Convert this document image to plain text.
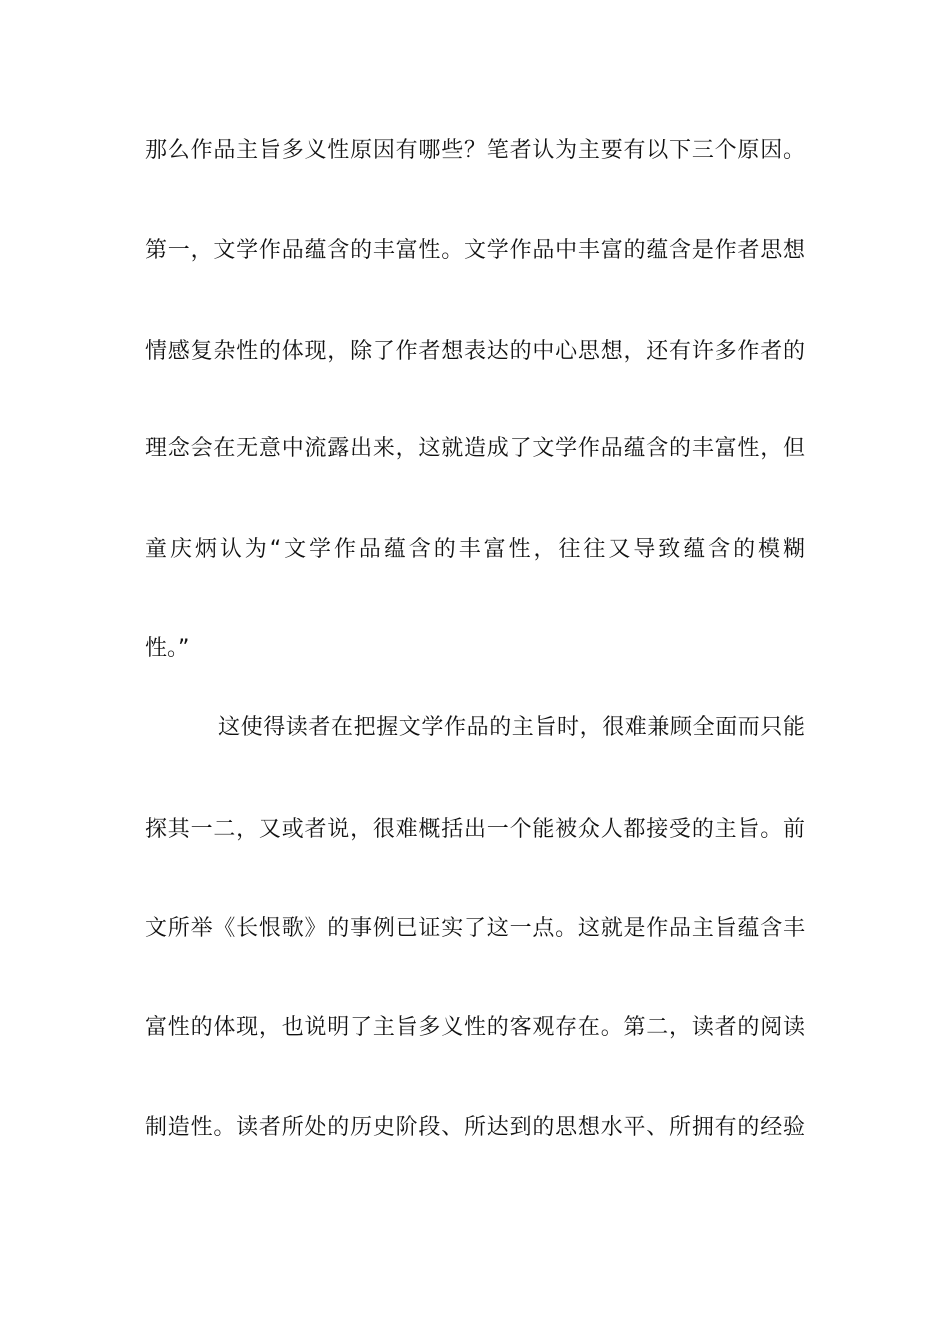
那么作品主旨多义性原因有哪些？笔者认为主要有以下三个原因。
第一，文学作品蕴含的丰富性。文学作品中丰富的蕴含是作者思想
情感复杂性的体现，除了作者想表达的中心思想，还有许多作者的
理念会在无意中流露出来，这就造成了文学作品蕴含的丰富性，但
童庆炳认为“文学作品蕴含的丰富性，往往又导致蕴含的模糊
性。”
这使得读者在把握文学作品的主旨时，很难兼顾全面而只能
探其一二，又或者说，很难概括出一个能被众人都接受的主旨。前
文所举《长恨歌》的事例已证实了这一点。这就是作品主旨蕴含丰
富性的体现，也说明了主旨多义性的客观存在。第二，读者的阅读
制造性。读者所处的历史阶段、所达到的思想水平、所拥有的经验
